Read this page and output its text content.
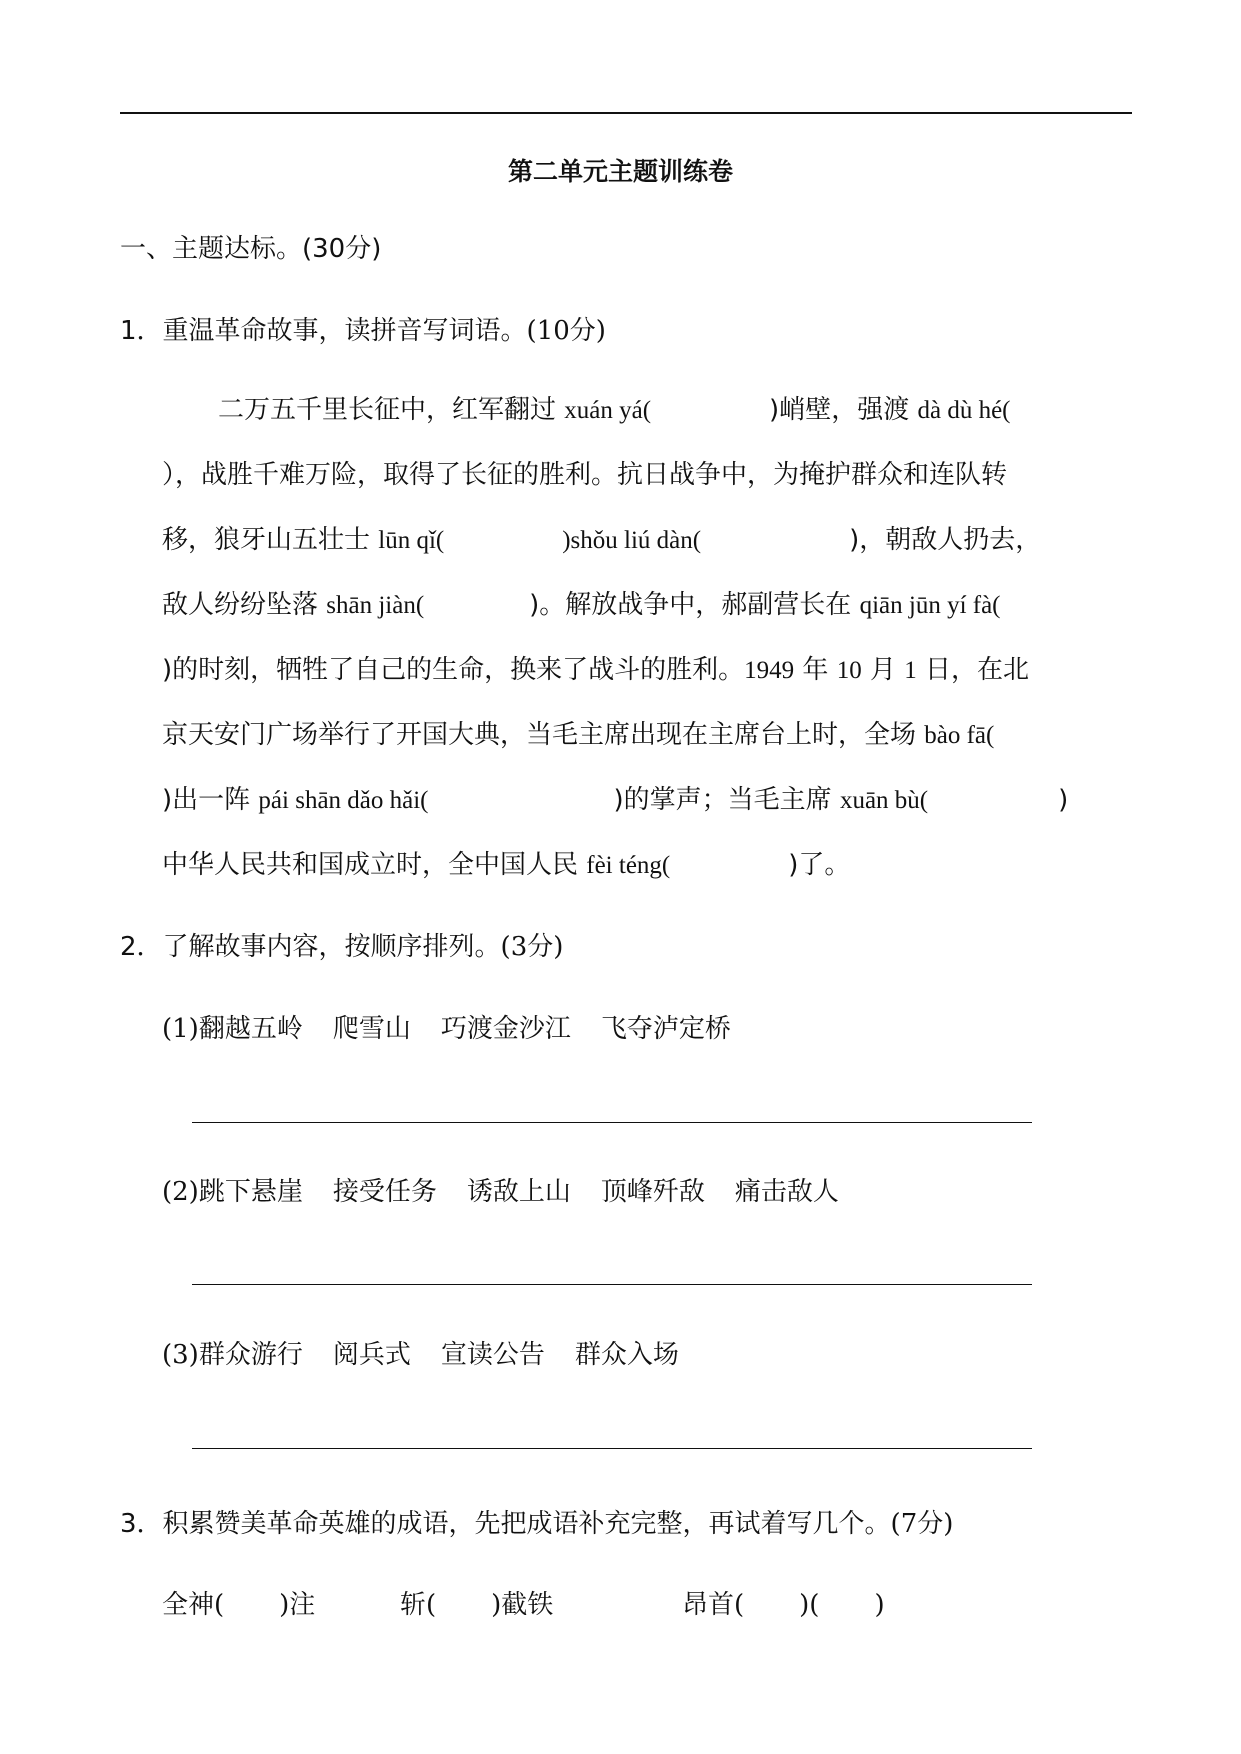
第二单元主题训练卷
一、主题达标。(30分)
1．重温革命故事，读拼音写词语。(10分)
二万五千里长征中，红军翻过 xuán yá(	)峭壁，强渡 dà dù hé(
），战胜千难万险，取得了长征的胜利。抗日战争中，为掩护群众和连队转
移，狼牙山五壮士 lūn qǐ(	)shǒu liú dàn(	)，朝敌人扔去，
敌人纷纷坠落 shān jiàn(	)。解放战争中，郝副营长在 qiān jūn yí fà(
)的时刻，牺牲了自己的生命，换来了战斗的胜利。1949 年 10 月 1 日，在北
京天安门广场举行了开国大典，当毛主席出现在主席台上时，全场 bào fā(
)出一阵 pái shān dǎo hǎi(	)的掌声；当毛主席 xuān bù(	)
中华人民共和国成立时，全中国人民 fèi téng(	)了。
2．了解故事内容，按顺序排列。(3分)
(1)翻越五岭 爬雪山 巧渡金沙江 飞夺泸定桥
(2)跳下悬崖 接受任务 诱敌上山 顶峰歼敌 痛击敌人
(3)群众游行 阅兵式 宣读公告 群众入场
3．积累赞美革命英雄的成语，先把成语补充完整，再试着写几个。(7分)
全神( )注	斩( )截铁	昂首( )( )
